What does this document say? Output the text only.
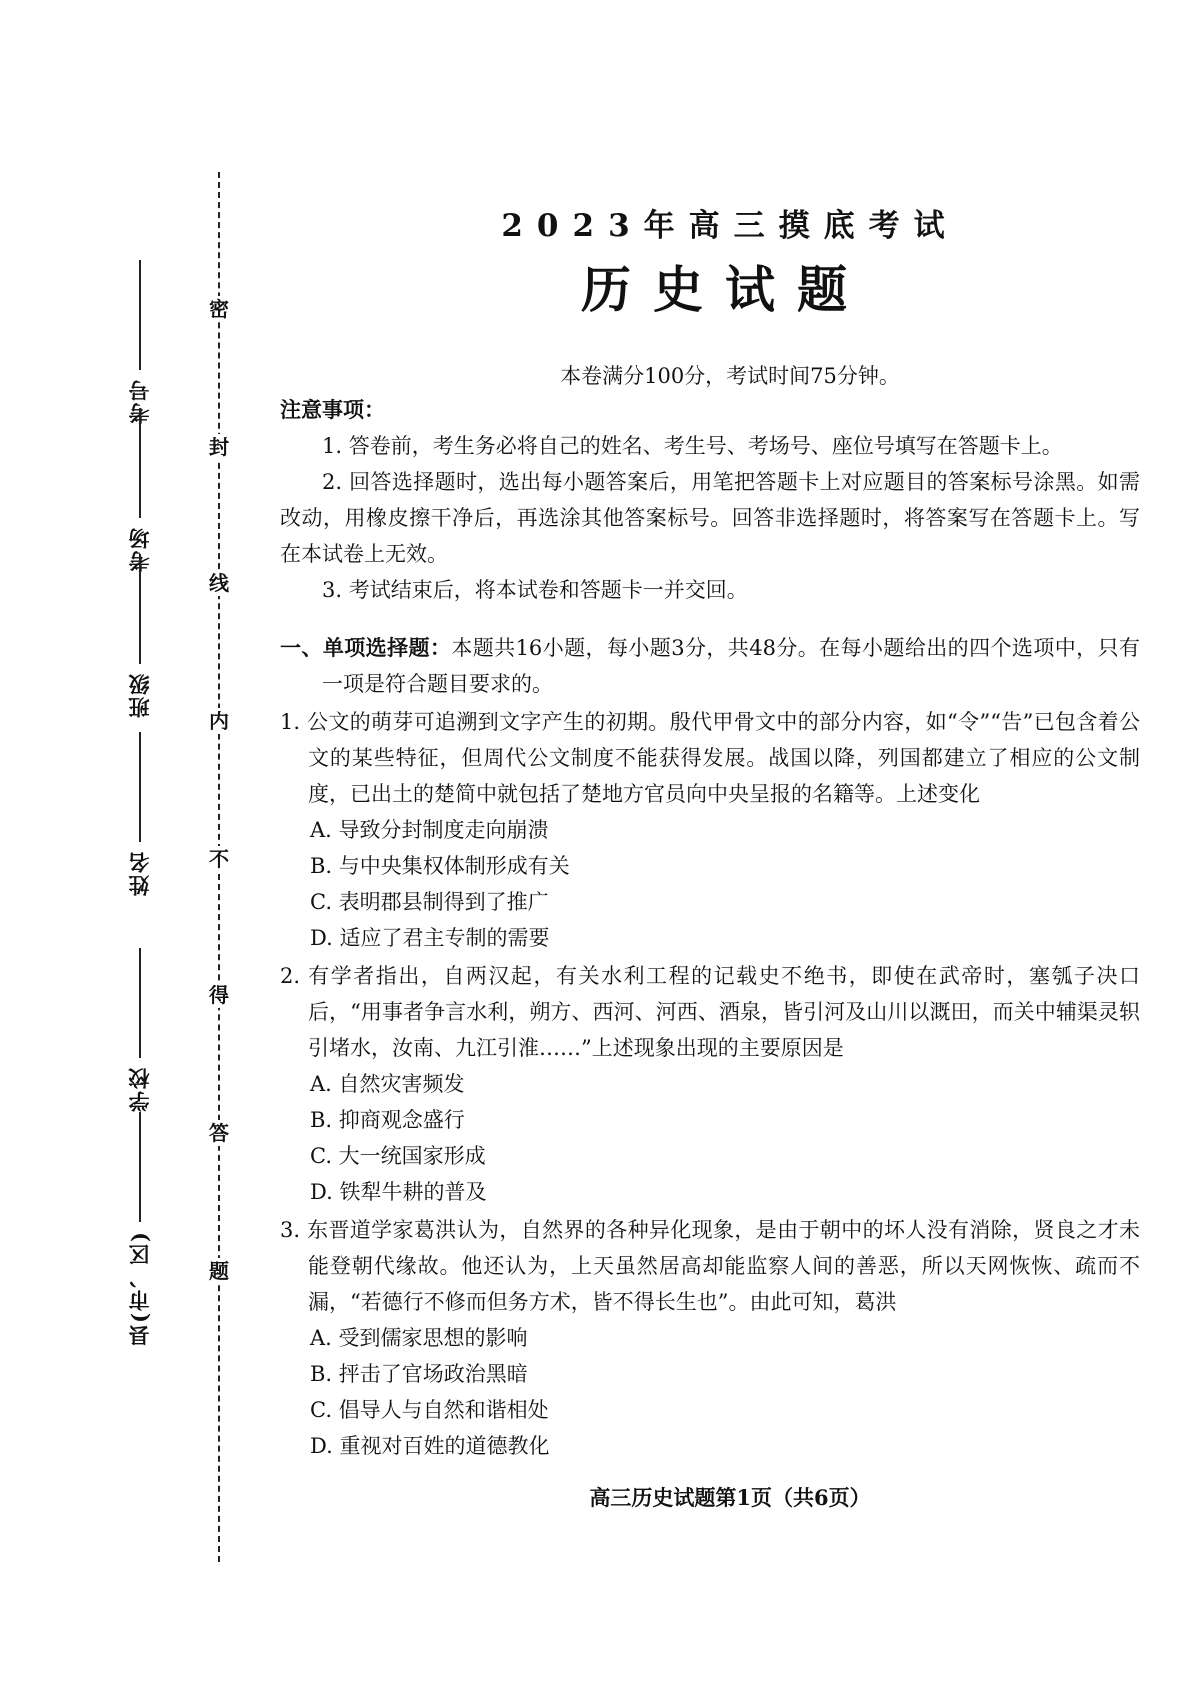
密
封
线
内
不
得
答
题
考号
考场
班级
姓名
学校
县(市、区)
2023年高三摸底考试
历史试题
本卷满分100分，考试时间75分钟。
注意事项：
1. 答卷前，考生务必将自己的姓名、考生号、考场号、座位号填写在答题卡上。
2. 回答选择题时，选出每小题答案后，用笔把答题卡上对应题目的答案标号涂黑。如需改动，用橡皮擦干净后，再选涂其他答案标号。回答非选择题时，将答案写在答题卡上。写在本试卷上无效。
3. 考试结束后，将本试卷和答题卡一并交回。
一、单项选择题：本题共16小题，每小题3分，共48分。在每小题给出的四个选项中，只有一项是符合题目要求的。
1. 公文的萌芽可追溯到文字产生的初期。殷代甲骨文中的部分内容，如“令”“告”已包含着公文的某些特征，但周代公文制度不能获得发展。战国以降，列国都建立了相应的公文制度，已出土的楚简中就包括了楚地方官员向中央呈报的名籍等。上述变化
A. 导致分封制度走向崩溃
B. 与中央集权体制形成有关
C. 表明郡县制得到了推广
D. 适应了君主专制的需要
2. 有学者指出，自两汉起，有关水利工程的记载史不绝书，即使在武帝时，塞瓠子决口后，“用事者争言水利，朔方、西河、河西、酒泉，皆引河及山川以溉田，而关中辅渠灵轵引堵水，汝南、九江引淮……”上述现象出现的主要原因是
A. 自然灾害频发
B. 抑商观念盛行
C. 大一统国家形成
D. 铁犁牛耕的普及
3. 东晋道学家葛洪认为，自然界的各种异化现象，是由于朝中的坏人没有消除，贤良之才未能登朝代缘故。他还认为，上天虽然居高却能监察人间的善恶，所以天网恢恢、疏而不漏，“若德行不修而但务方术，皆不得长生也”。由此可知，葛洪
A. 受到儒家思想的影响
B. 抨击了官场政治黑暗
C. 倡导人与自然和谐相处
D. 重视对百姓的道德教化
高三历史试题第1页（共6页）
